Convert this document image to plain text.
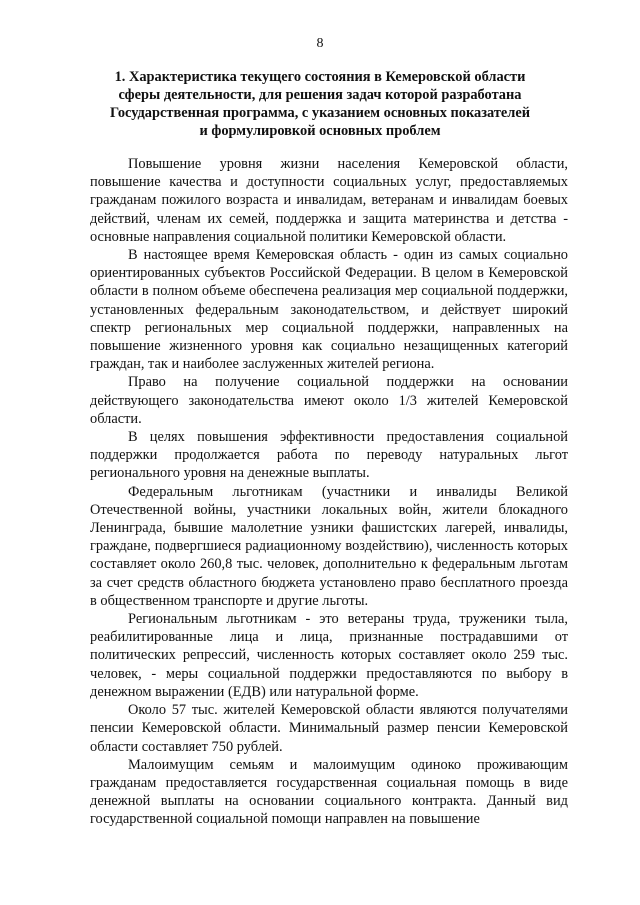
8
1. Характеристика текущего состояния в Кемеровской области
сферы деятельности, для решения задач которой разработана
Государственная программа, с указанием основных показателей
и формулировкой основных проблем

Повышение уровня жизни населения Кемеровской области, повышение качества и доступности социальных услуг, предоставляемых гражданам пожилого возраста и инвалидам, ветеранам и инвалидам боевых действий, членам их семей, поддержка и защита материнства и детства - основные направления социальной политики Кемеровской области.

В настоящее время Кемеровская область - один из самых социально ориентированных субъектов Российской Федерации. В целом в Кемеровской области в полном объеме обеспечена реализация мер социальной поддержки, установленных федеральным законодательством, и действует широкий спектр региональных мер социальной поддержки, направленных на повышение жизненного уровня как социально незащищенных категорий граждан, так и наиболее заслуженных жителей региона.

Право на получение социальной поддержки на основании действующего законодательства имеют около 1/3 жителей Кемеровской области.

В целях повышения эффективности предоставления социальной поддержки продолжается работа по переводу натуральных льгот регионального уровня на денежные выплаты.

Федеральным льготникам (участники и инвалиды Великой Отечественной войны, участники локальных войн, жители блокадного Ленинграда, бывшие малолетние узники фашистских лагерей, инвалиды, граждане, подвергшиеся радиационному воздействию), численность которых составляет около 260,8 тыс. человек, дополнительно к федеральным льготам за счет средств областного бюджета установлено право бесплатного проезда в общественном транспорте и другие льготы.

Региональным льготникам - это ветераны труда, труженики тыла, реабилитированные лица и лица, признанные пострадавшими от политических репрессий, численность которых составляет около 259 тыс. человек, - меры социальной поддержки предоставляются по выбору в денежном выражении (ЕДВ) или натуральной форме.

Около 57 тыс. жителей Кемеровской области являются получателями пенсии Кемеровской области. Минимальный размер пенсии Кемеровской области составляет 750 рублей.

Малоимущим семьям и малоимущим одиноко проживающим гражданам предоставляется государственная социальная помощь в виде денежной выплаты на основании социального контракта. Данный вид государственной социальной помощи направлен на повышение
